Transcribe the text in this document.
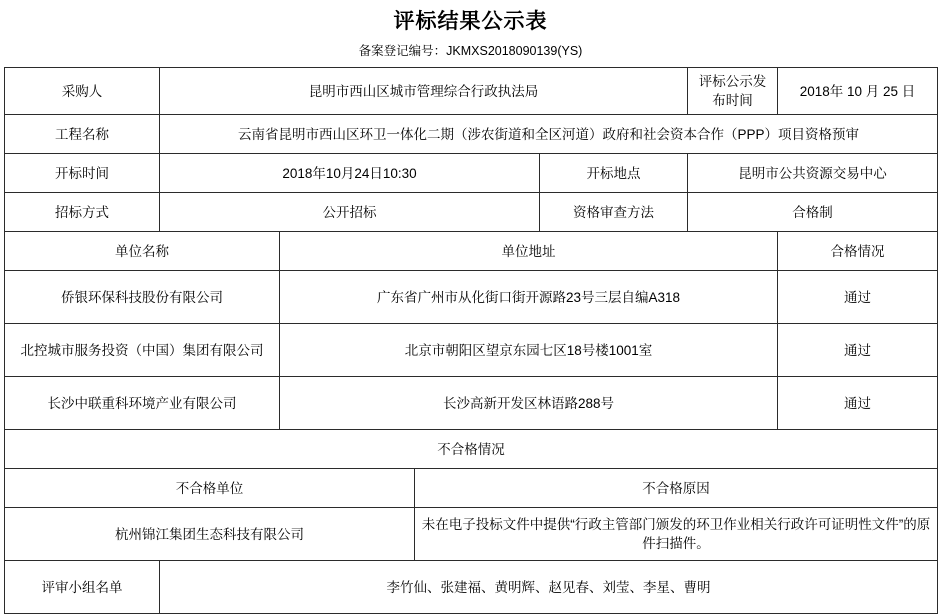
评标结果公示表
备案登记编号：JKMXS2018090139(YS)
采购人	昆明市西山区城市管理综合行政执法局				评标公示发布时间	2018年 10 月 25 日
工程名称	云南省昆明市西山区环卫一体化二期（涉农街道和全区河道）政府和社会资本合作（PPP）项目资格预审					
开标时间	2018年10月24日10:30			开标地点	昆明市公共资源交易中心	
招标方式	公开招标			资格审查方法	合格制	
单位名称		单位地址				合格情况
侨银环保科技股份有限公司		广东省广州市从化街口街开源路23号三层自编A318				通过
北控城市服务投资（中国）集团有限公司		北京市朝阳区望京东园七区18号楼1001室				通过
长沙中联重科环境产业有限公司		长沙高新开发区林语路288号				通过
不合格情况						
不合格单位			不合格原因			
杭州锦江集团生态科技有限公司			未在电子投标文件中提供“行政主管部门颁发的环卫作业相关行政许可证明性文件”的原件扫描件。			
评审小组名单	李竹仙、张建福、黄明辉、赵见春、刘莹、李星、曹明					
